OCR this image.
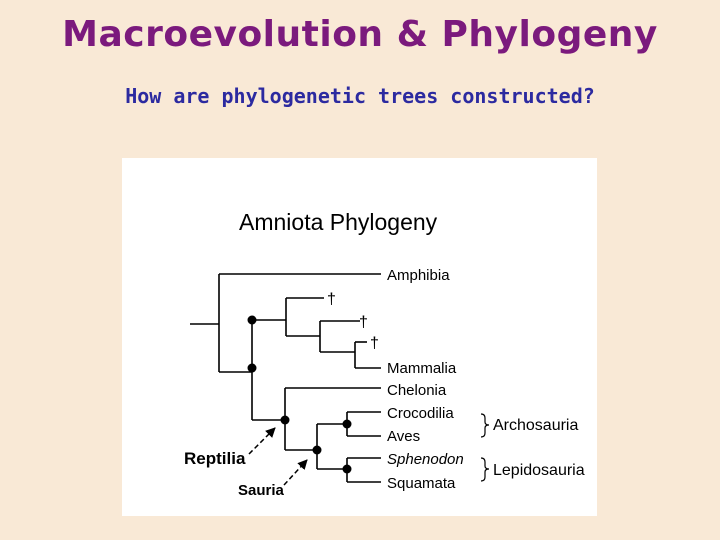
Macroevolution & Phylogeny
How are phylogenetic trees constructed?
Amniota Phylogeny
†
†
†
Amphibia
Mammalia
Chelonia
Crocodilia
Aves
Sphenodon
Squamata
Archosauria
Lepidosauria
Reptilia
Sauria
